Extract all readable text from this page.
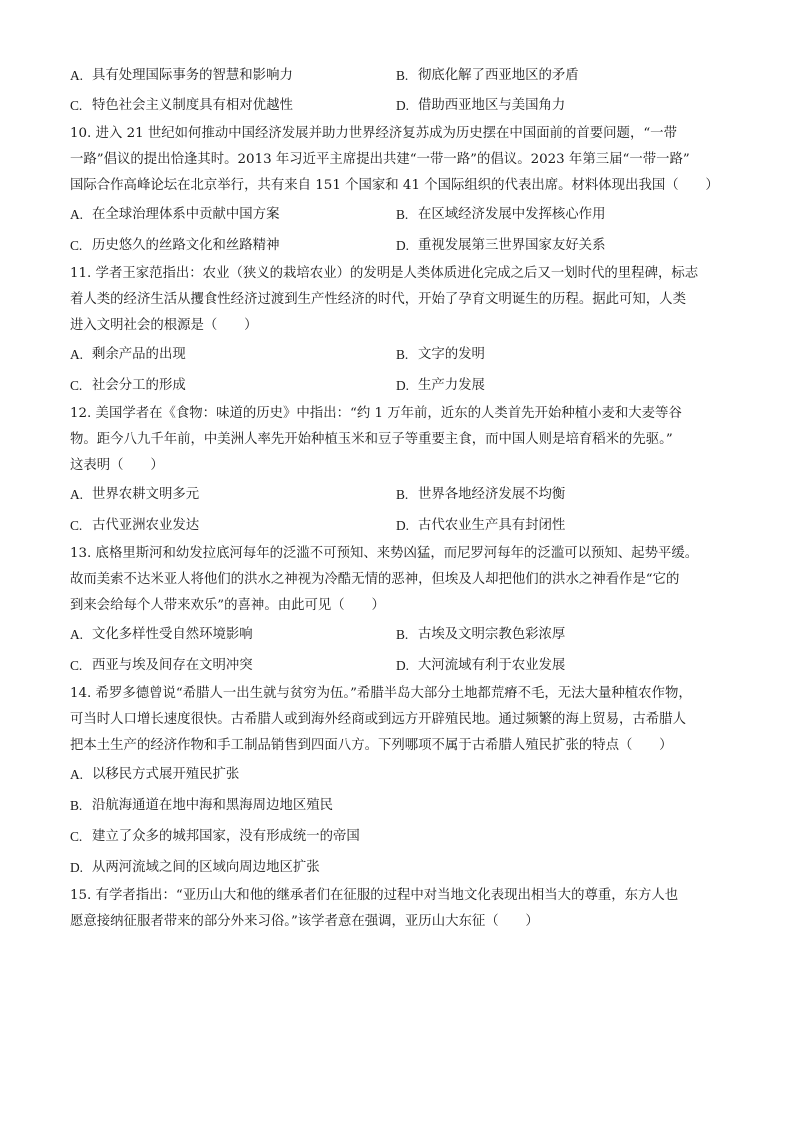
A. 具有处理国际事务的智慧和影响力	B. 彻底化解了西亚地区的矛盾
C. 特色社会主义制度具有相对优越性	D. 借助西亚地区与美国角力
10. 进入 21 世纪如何推动中国经济发展并助力世界经济复苏成为历史摆在中国面前的首要问题，“一带
一路”倡议的提出恰逢其时。2013 年习近平主席提出共建“一带一路”的倡议。2023 年第三届“一带一路”
国际合作高峰论坛在北京举行，共有来自 151 个国家和 41 个国际组织的代表出席。材料体现出我国（　　）
A. 在全球治理体系中贡献中国方案	B. 在区域经济发展中发挥核心作用
C. 历史悠久的丝路文化和丝路精神	D. 重视发展第三世界国家友好关系
11. 学者王家范指出：农业（狭义的栽培农业）的发明是人类体质进化完成之后又一划时代的里程碑，标志
着人类的经济生活从攫食性经济过渡到生产性经济的时代，开始了孕育文明诞生的历程。据此可知，人类
进入文明社会的根源是（　　）
A. 剩余产品的出现	B. 文字的发明
C. 社会分工的形成	D. 生产力发展
12. 美国学者在《食物：味道的历史》中指出：“约 1 万年前，近东的人类首先开始种植小麦和大麦等谷
物。距今八九千年前，中美洲人率先开始种植玉米和豆子等重要主食，而中国人则是培育稻米的先驱。”
这表明（　　）
A. 世界农耕文明多元	B. 世界各地经济发展不均衡
C. 古代亚洲农业发达	D. 古代农业生产具有封闭性
13. 底格里斯河和幼发拉底河每年的泛滥不可预知、来势凶猛，而尼罗河每年的泛滥可以预知、起势平缓。
故而美索不达米亚人将他们的洪水之神视为冷酷无情的恶神，但埃及人却把他们的洪水之神看作是“它的
到来会给每个人带来欢乐”的喜神。由此可见（　　）
A. 文化多样性受自然环境影响	B. 古埃及文明宗教色彩浓厚
C. 西亚与埃及间存在文明冲突	D. 大河流域有利于农业发展
14. 希罗多德曾说“希腊人一出生就与贫穷为伍。”希腊半岛大部分土地都荒瘠不毛，无法大量种植农作物，
可当时人口增长速度很快。古希腊人或到海外经商或到远方开辟殖民地。通过频繁的海上贸易，古希腊人
把本土生产的经济作物和手工制品销售到四面八方。下列哪项不属于古希腊人殖民扩张的特点（　　）
A. 以移民方式展开殖民扩张
B. 沿航海通道在地中海和黑海周边地区殖民
C. 建立了众多的城邦国家，没有形成统一的帝国
D. 从两河流域之间的区域向周边地区扩张
15. 有学者指出：“亚历山大和他的继承者们在征服的过程中对当地文化表现出相当大的尊重，东方人也
愿意接纳征服者带来的部分外来习俗。”该学者意在强调，亚历山大东征（　　）
